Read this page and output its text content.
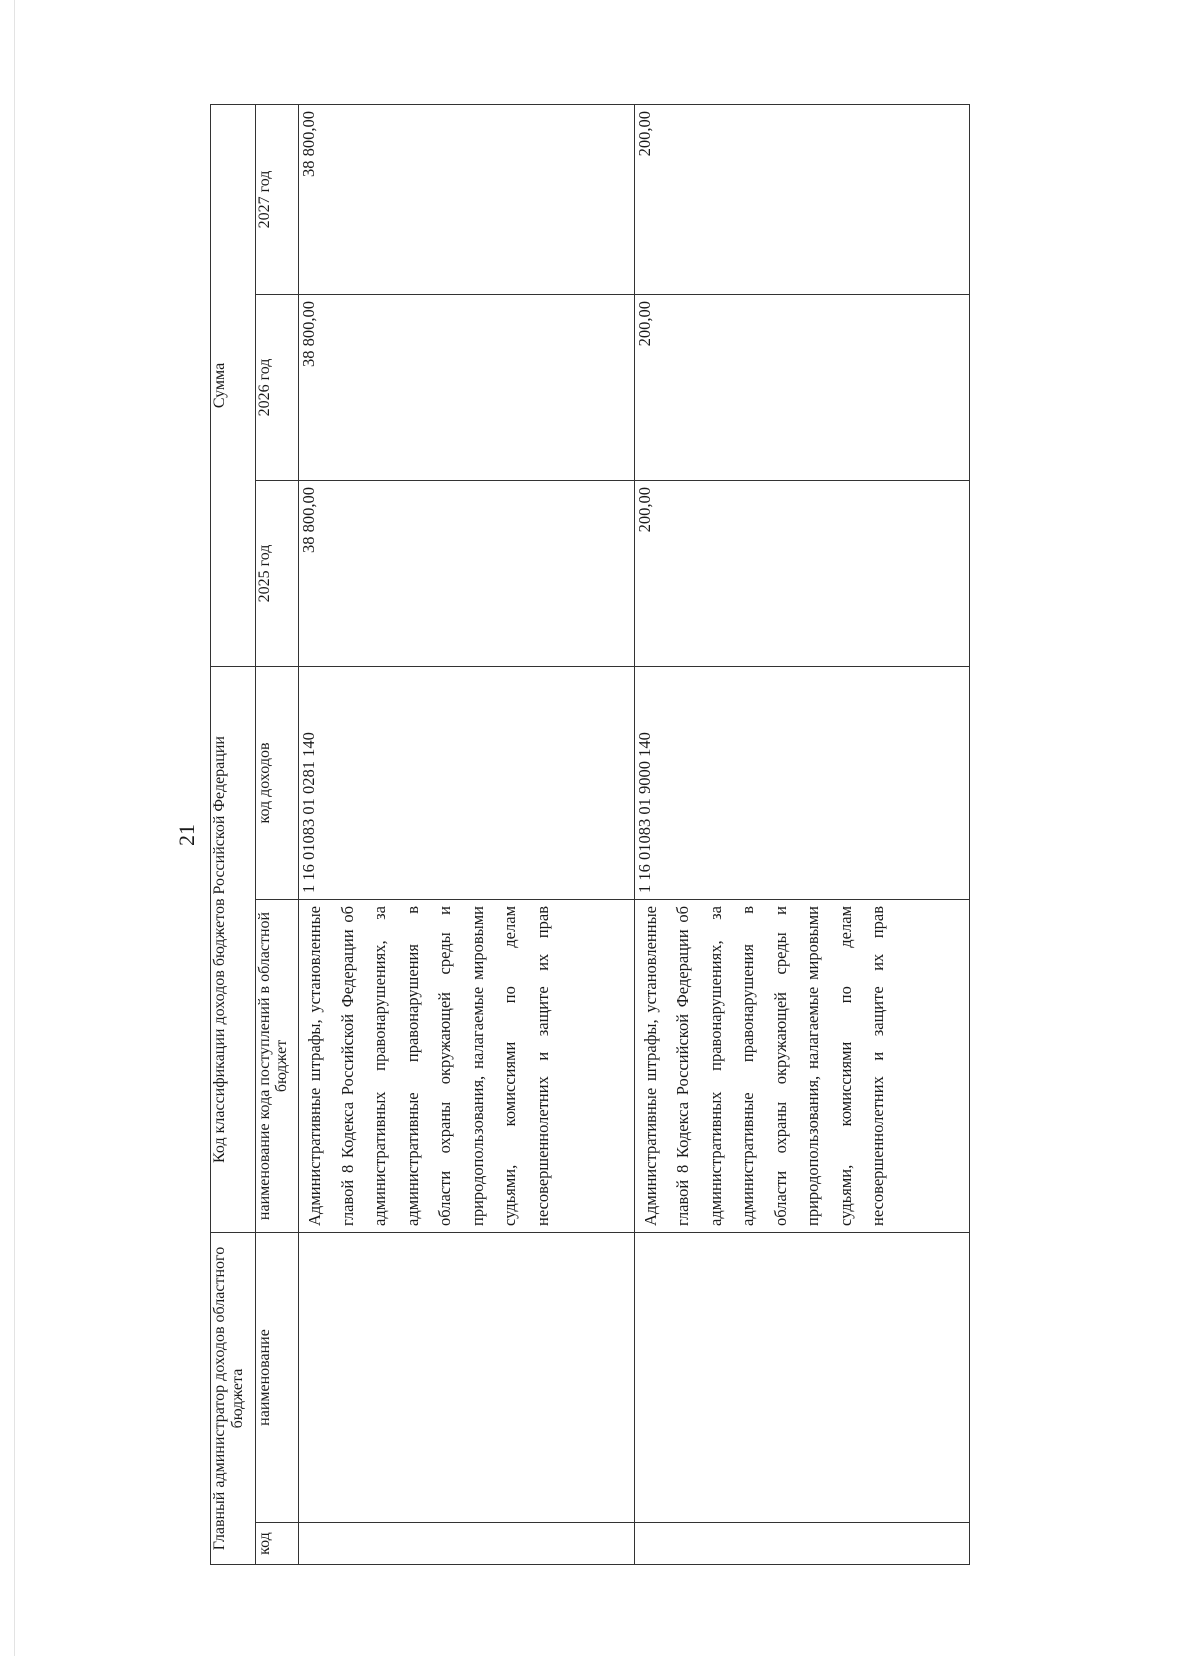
21
Главный администратор доходов областного бюджета		Код классификации доходов бюджетов Российской Федерации		Сумма		
код	наименование	наименование кода поступлений в областной бюджет	код доходов	2025 год	2026 год	2027 год
		Административные штрафы, установленные главой 8 Кодекса Российской Федерации об административных правонарушениях, за административные правонарушения в области охраны окружающей среды и природопользования, налагаемые мировыми судьями, комиссиями по делам несовершеннолетних и защите их прав	1 16 01083 01 0281 140	38 800,00	38 800,00	38 800,00
		Административные штрафы, установленные главой 8 Кодекса Российской Федерации об административных правонарушениях, за административные правонарушения в области охраны окружающей среды и природопользования, налагаемые мировыми судьями, комиссиями по делам несовершеннолетних и защите их прав	1 16 01083 01 9000 140	200,00	200,00	200,00
